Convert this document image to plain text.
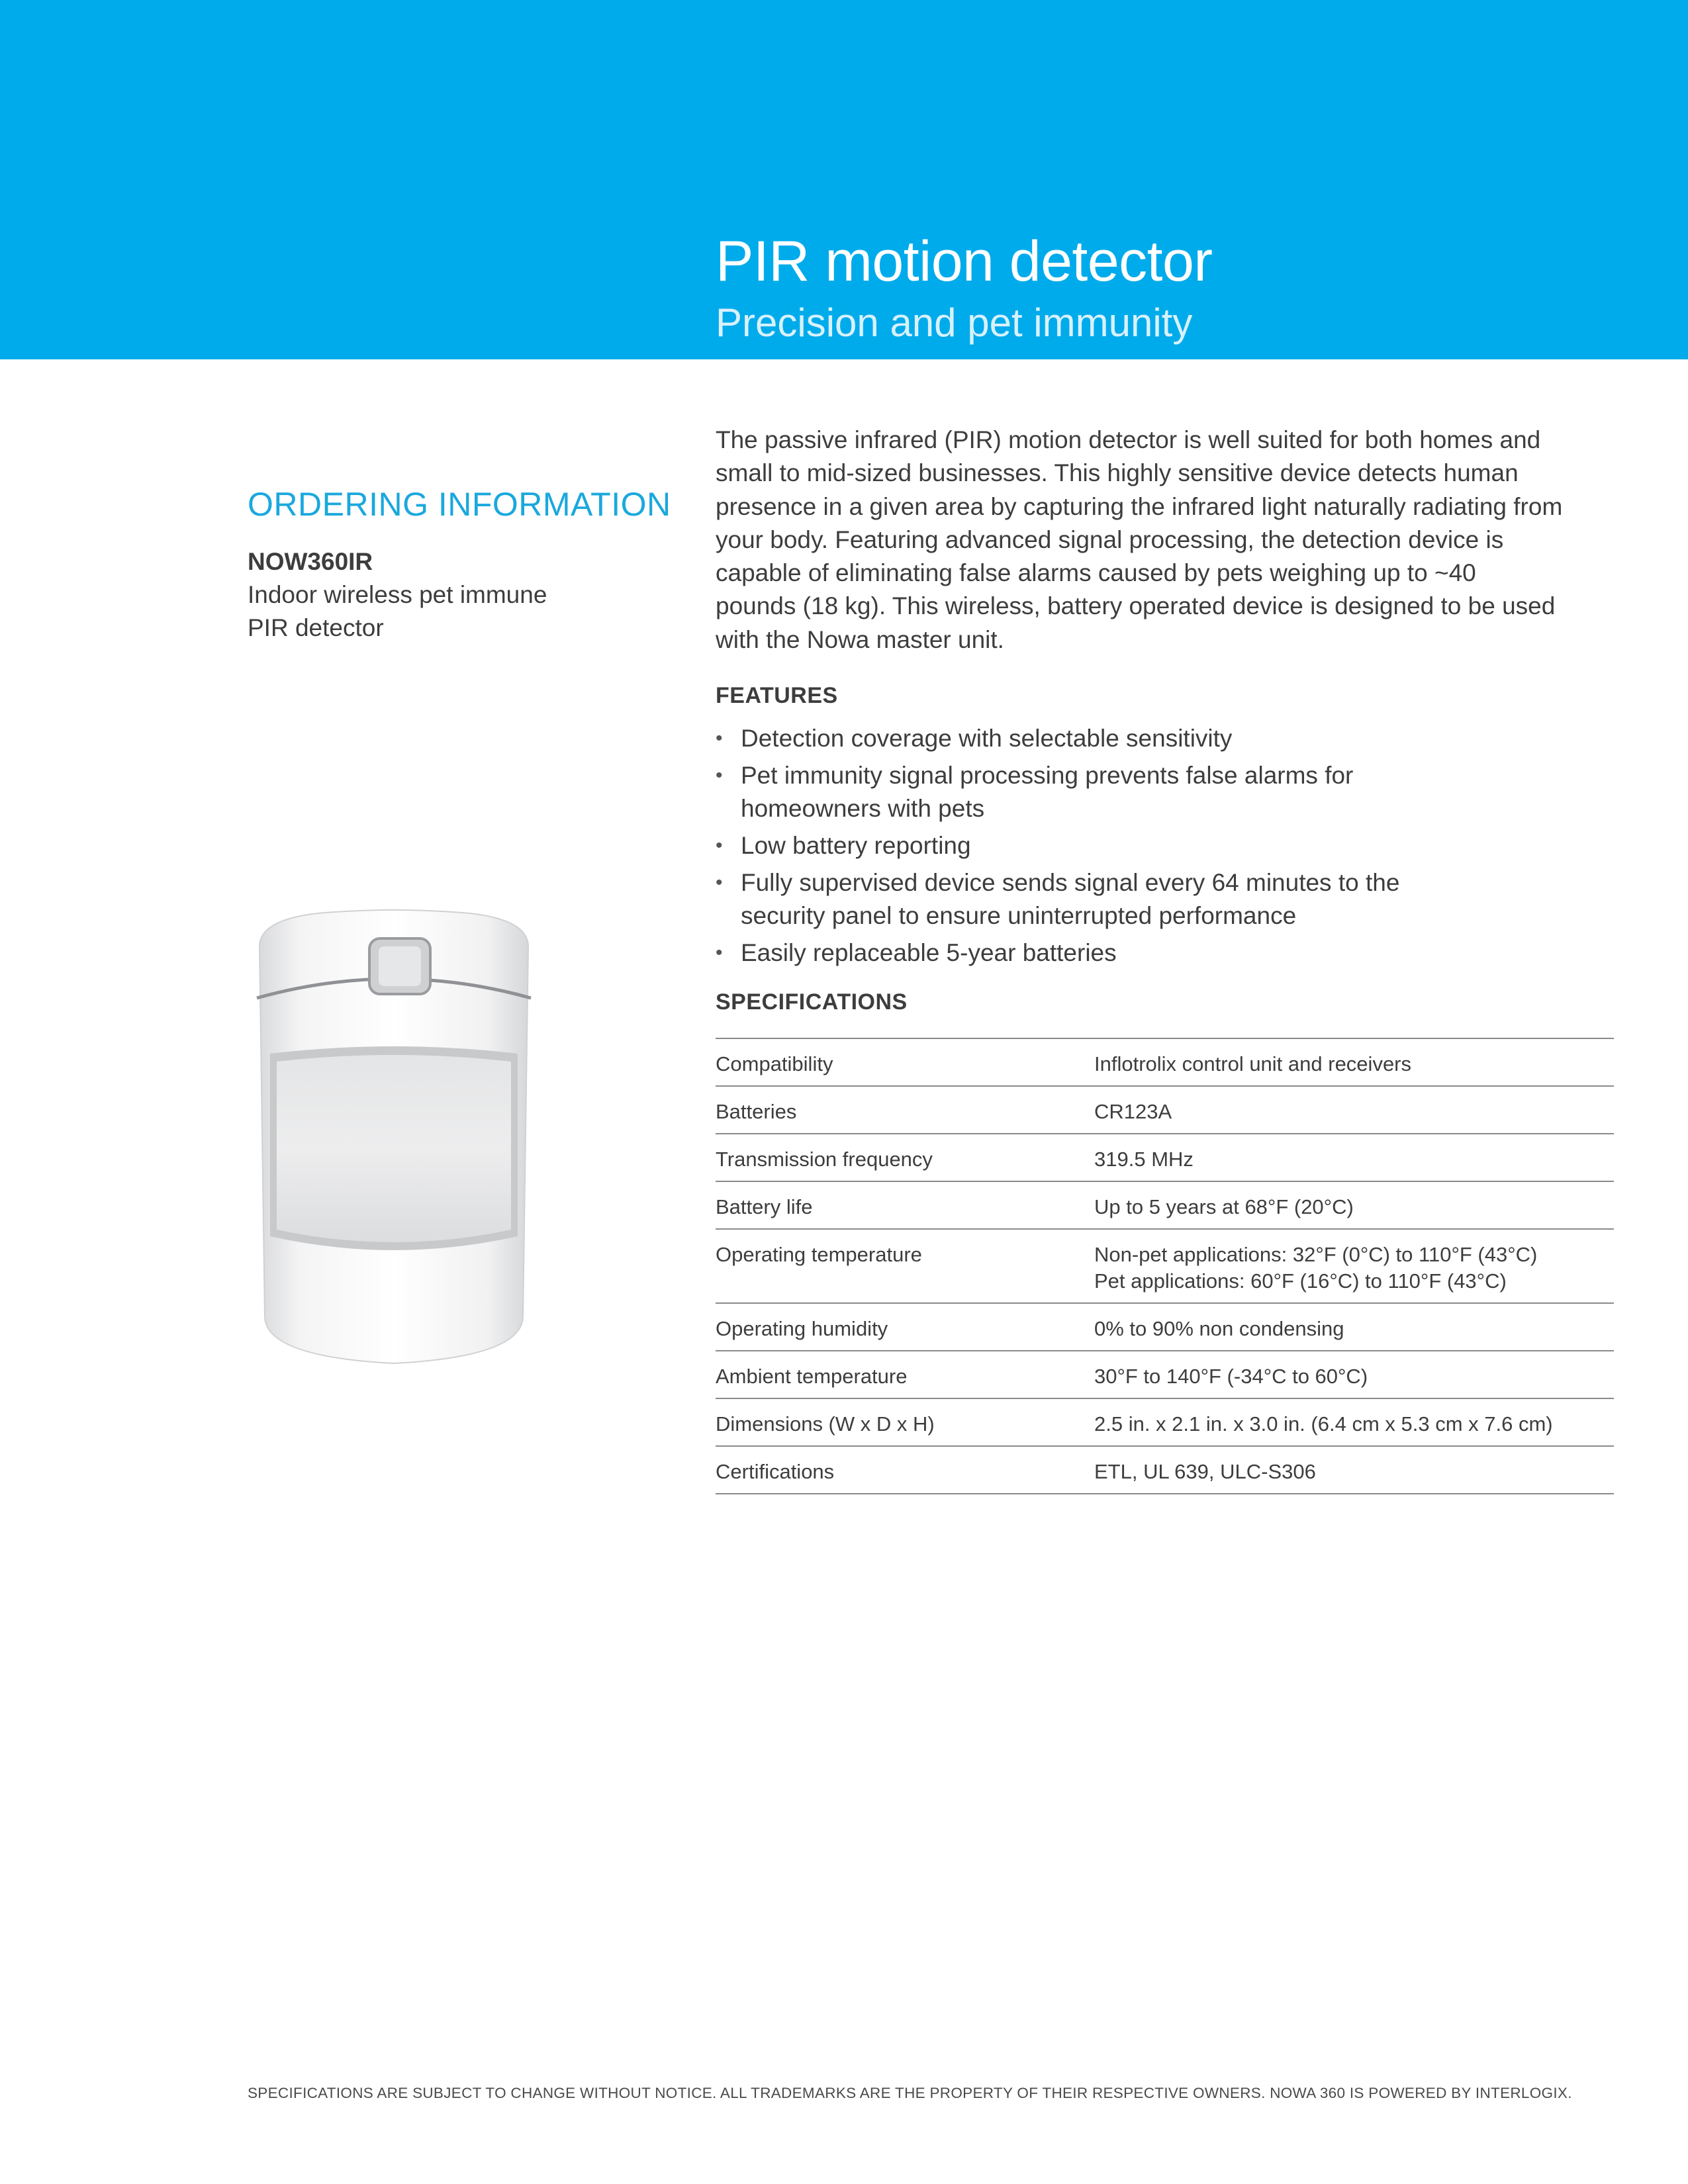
PIR motion detector
Precision and pet immunity
ORDERING INFORMATION
NOW360IR
Indoor wireless pet immune PIR detector

The passive infrared (PIR) motion detector is well suited for both homes and small to mid-sized businesses. This highly sensitive device detects human presence in a given area by capturing the infrared light naturally radiating from your body. Featuring advanced signal processing, the detection device is capable of eliminating false alarms caused by pets weighing up to ~40 pounds (18 kg). This wireless, battery operated device is designed to be used with the Nowa master unit.

FEATURES
• Detection coverage with selectable sensitivity
• Pet immunity signal processing prevents false alarms for homeowners with pets
• Low battery reporting
• Fully supervised device sends signal every 64 minutes to the security panel to ensure uninterrupted performance
• Easily replaceable 5-year batteries
SPECIFICATIONS
Compatibility	Inflotrolix control unit and receivers
Batteries	CR123A
Transmission frequency	319.5 MHz
Battery life	Up to 5 years at 68°F (20°C)
Operating temperature	Non-pet applications: 32°F (0°C) to 110°F (43°C)
Pet applications: 60°F (16°C) to 110°F (43°C)

Operating humidity	0% to 90% non condensing
Ambient temperature	30°F to 140°F (-34°C to 60°C)
Dimensions (W x D x H)	2.5 in. x 2.1 in. x 3.0 in. (6.4 cm x 5.3 cm x 7.6 cm)
Certifications	ETL, UL 639, ULC-S306
SPECIFICATIONS ARE SUBJECT TO CHANGE WITHOUT NOTICE. ALL TRADEMARKS ARE THE PROPERTY OF THEIR RESPECTIVE OWNERS. NOWA 360 IS POWERED BY INTERLOGIX.
